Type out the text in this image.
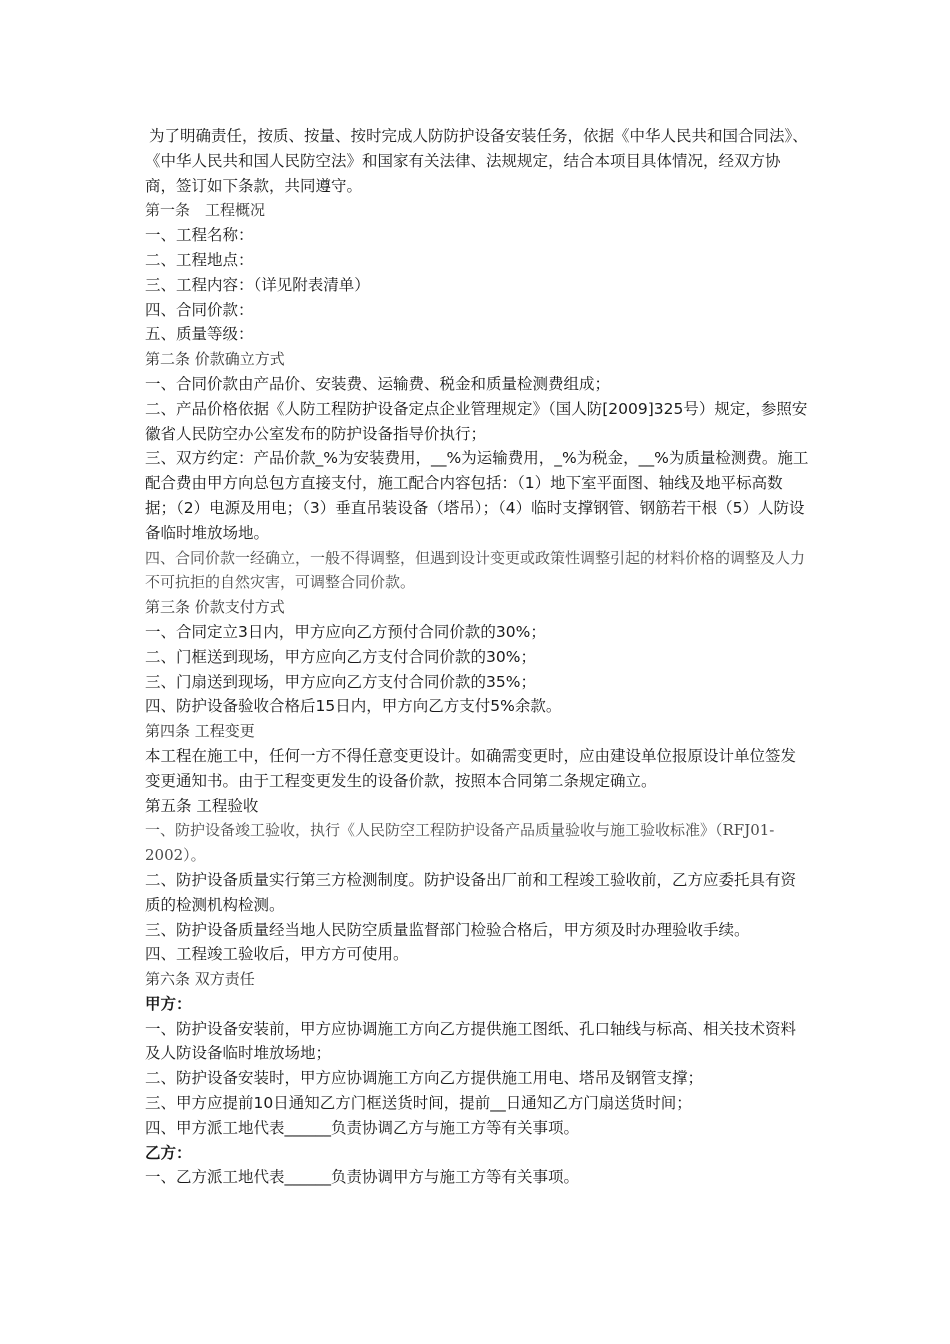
为了明确责任，按质、按量、按时完成人防防护设备安装任务，依据《中华人民共和国合同法》、《中华人民共和国人民防空法》和国家有关法律、法规规定，结合本项目具体情况，经双方协商，签订如下条款，共同遵守。
第一条　工程概况
一、工程名称：
二、工程地点：
三、工程内容：（详见附表清单）
四、合同价款：
五、质量等级：
第二条 价款确立方式
一、合同价款由产品价、安装费、运输费、税金和质量检测费组成；
二、产品价格依据《人防工程防护设备定点企业管理规定》（国人防[2009]325号）规定，参照安徽省人民防空办公室发布的防护设备指导价执行；
三、双方约定：产品价款_%为安装费用，__%为运输费用，_%为税金，__%为质量检测费。施工配合费由甲方向总包方直接支付，施工配合内容包括：（1）地下室平面图、轴线及地平标高数据；（2）电源及用电；（3）垂直吊装设备（塔吊）；（4）临时支撑钢管、钢筋若干根（5）人防设备临时堆放场地。
四、合同价款一经确立，一般不得调整，但遇到设计变更或政策性调整引起的材料价格的调整及人力不可抗拒的自然灾害，可调整合同价款。
第三条 价款支付方式
一、合同定立3日内，甲方应向乙方预付合同价款的30%；
二、门框送到现场，甲方应向乙方支付合同价款的30%；
三、门扇送到现场，甲方应向乙方支付合同价款的35%；
四、防护设备验收合格后15日内，甲方向乙方支付5%余款。
第四条 工程变更
本工程在施工中，任何一方不得任意变更设计。如确需变更时，应由建设单位报原设计单位签发变更通知书。由于工程变更发生的设备价款，按照本合同第二条规定确立。
第五条 工程验收
一、防护设备竣工验收，执行《人民防空工程防护设备产品质量验收与施工验收标准》（RFJ01-2002）。
二、防护设备质量实行第三方检测制度。防护设备出厂前和工程竣工验收前，乙方应委托具有资质的检测机构检测。
三、防护设备质量经当地人民防空质量监督部门检验合格后，甲方须及时办理验收手续。
四、工程竣工验收后，甲方方可使用。
第六条 双方责任
甲方：
一、防护设备安装前，甲方应协调施工方向乙方提供施工图纸、孔口轴线与标高、相关技术资料及人防设备临时堆放场地；
二、防护设备安装时，甲方应协调施工方向乙方提供施工用电、塔吊及钢管支撑；
三、甲方应提前10日通知乙方门框送货时间，提前__日通知乙方门扇送货时间；
四、甲方派工地代表______负责协调乙方与施工方等有关事项。
乙方：
一、乙方派工地代表______负责协调甲方与施工方等有关事项。
